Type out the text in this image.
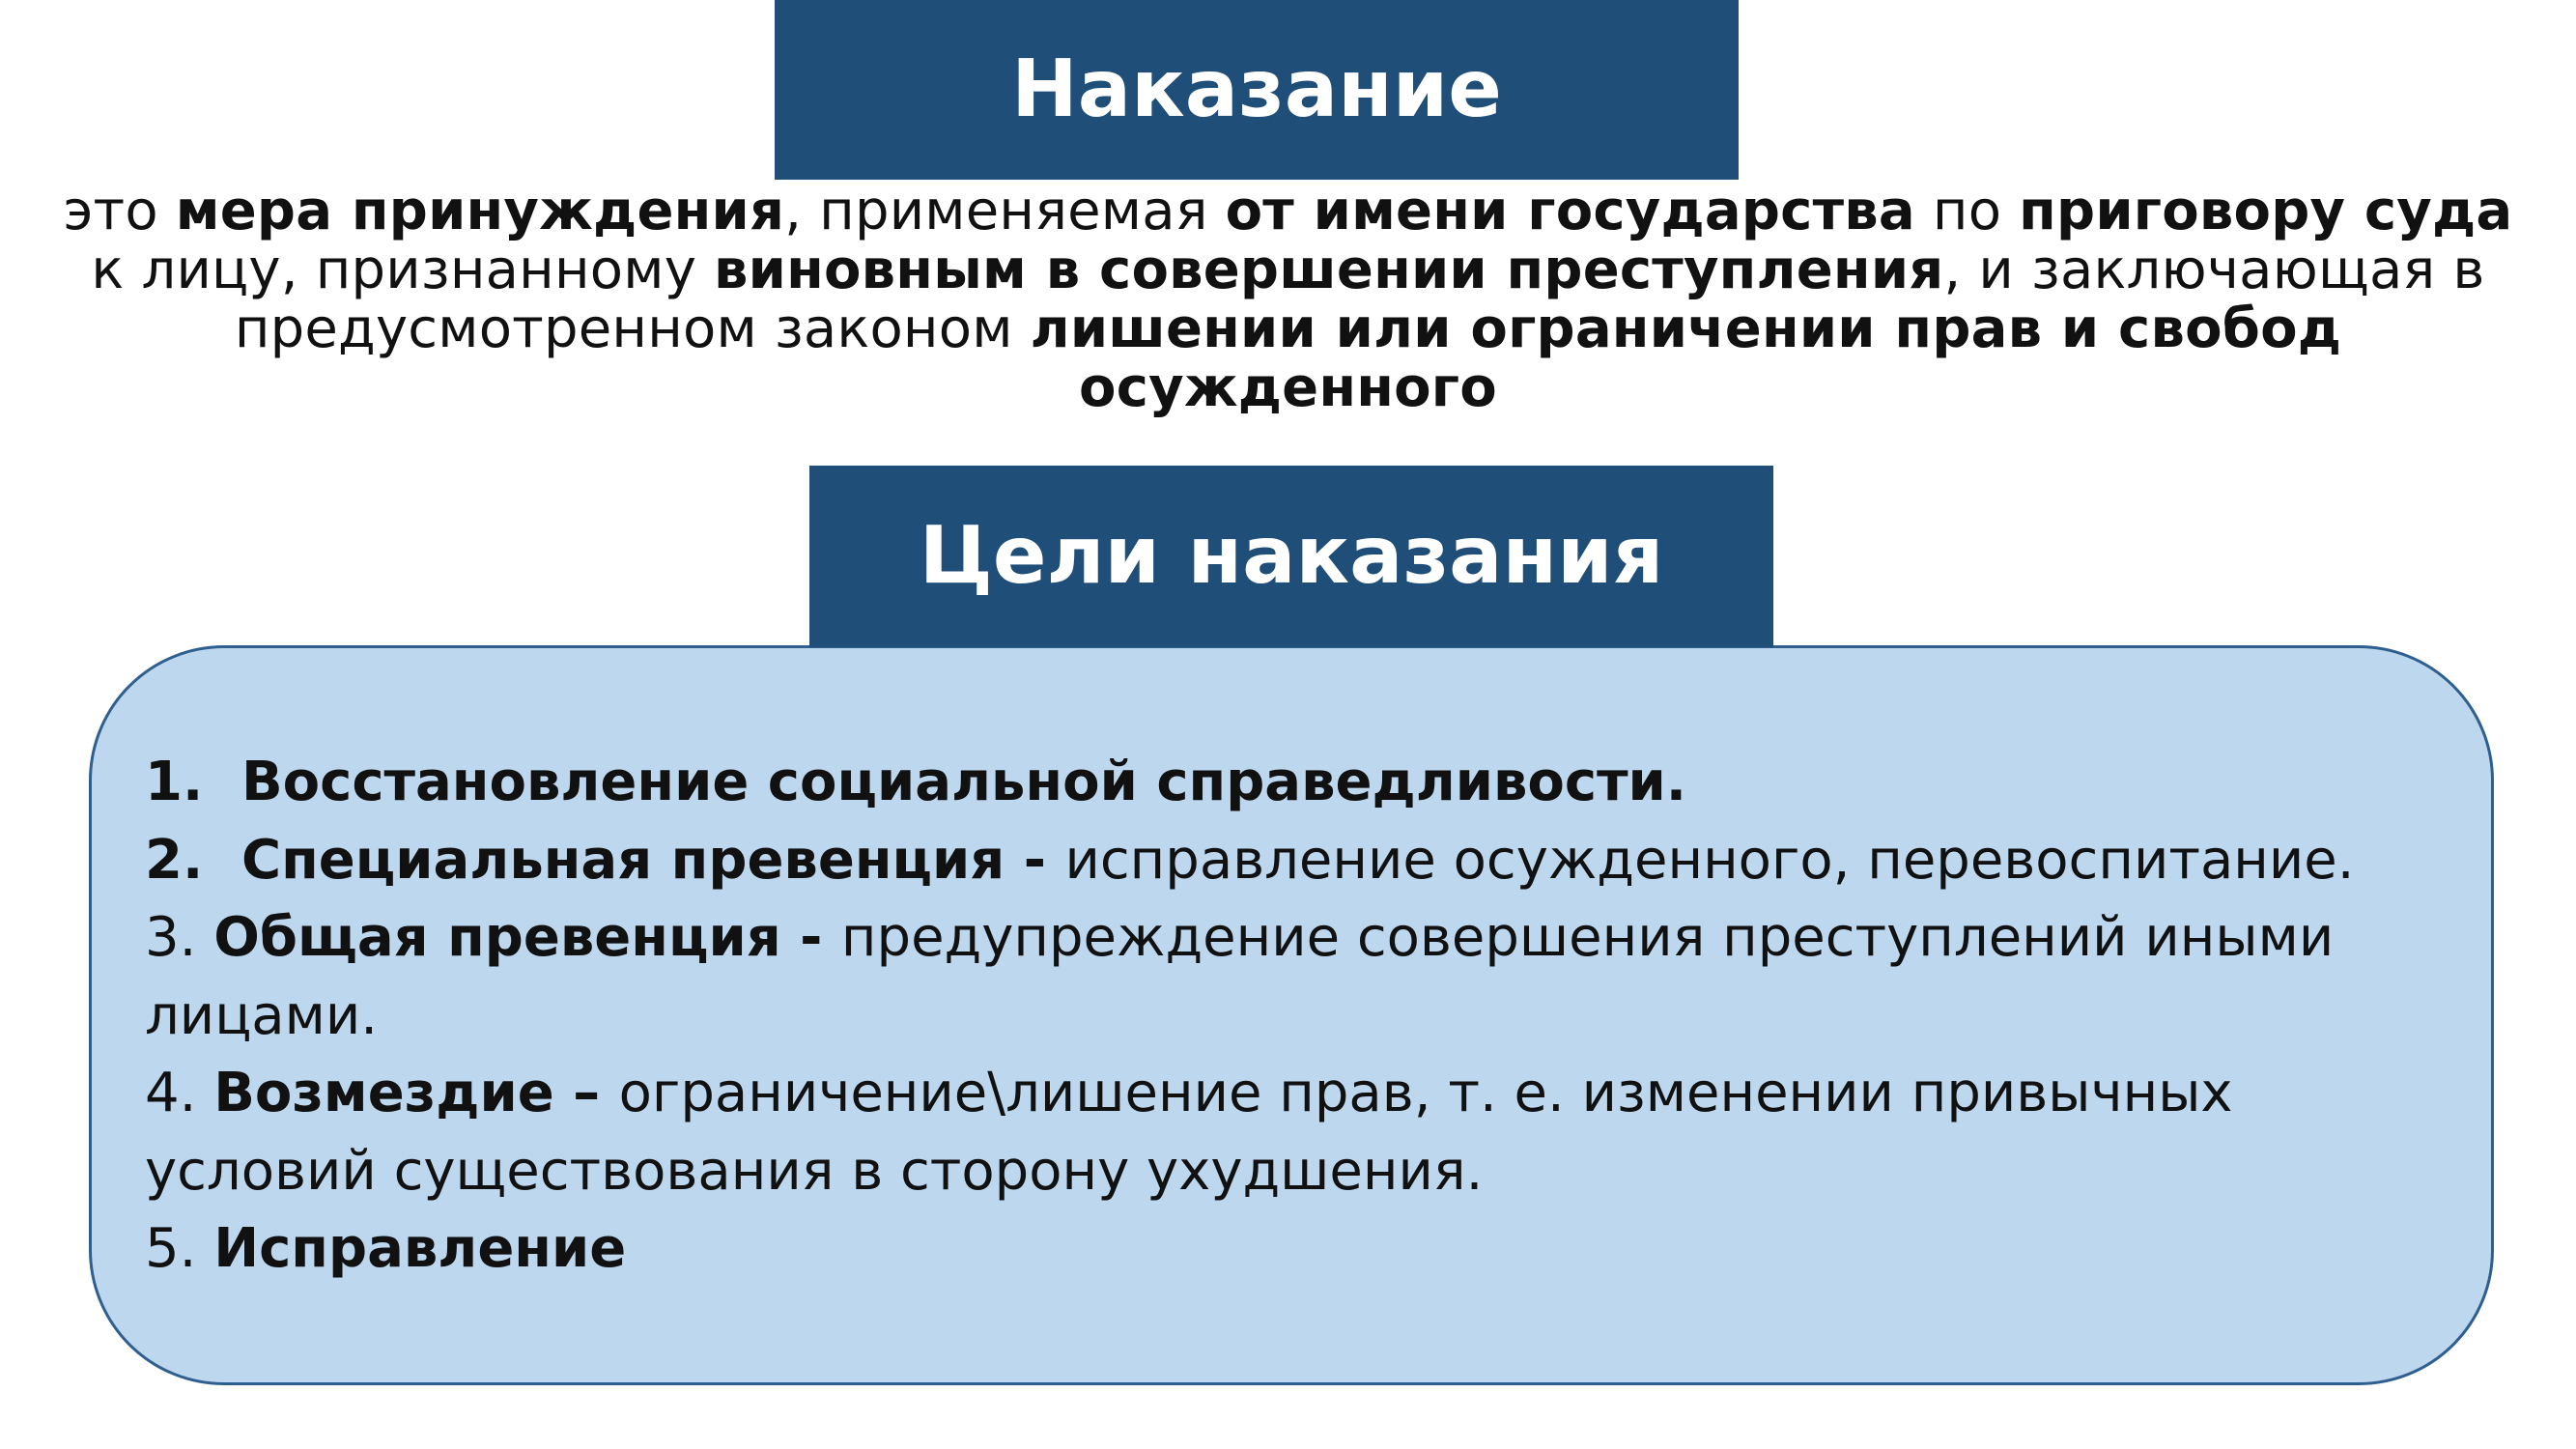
Наказание
это мера принуждения, применяемая от имени государства по приговору суда к лицу, признанному виновным в совершении преступления, и заключающая в предусмотренном законом лишении или ограничении прав и свобод осужденного
Цели наказания

1. Восстановление социальной справедливости.

2. Специальная превенция - исправление осужденного, перевоспитание.

3. Общая превенция - предупреждение совершения преступлений иными лицами.

4. Возмездие – ограничение\лишение прав, т. е. изменении привычных условий существования в сторону ухудшения.

5. Исправление
